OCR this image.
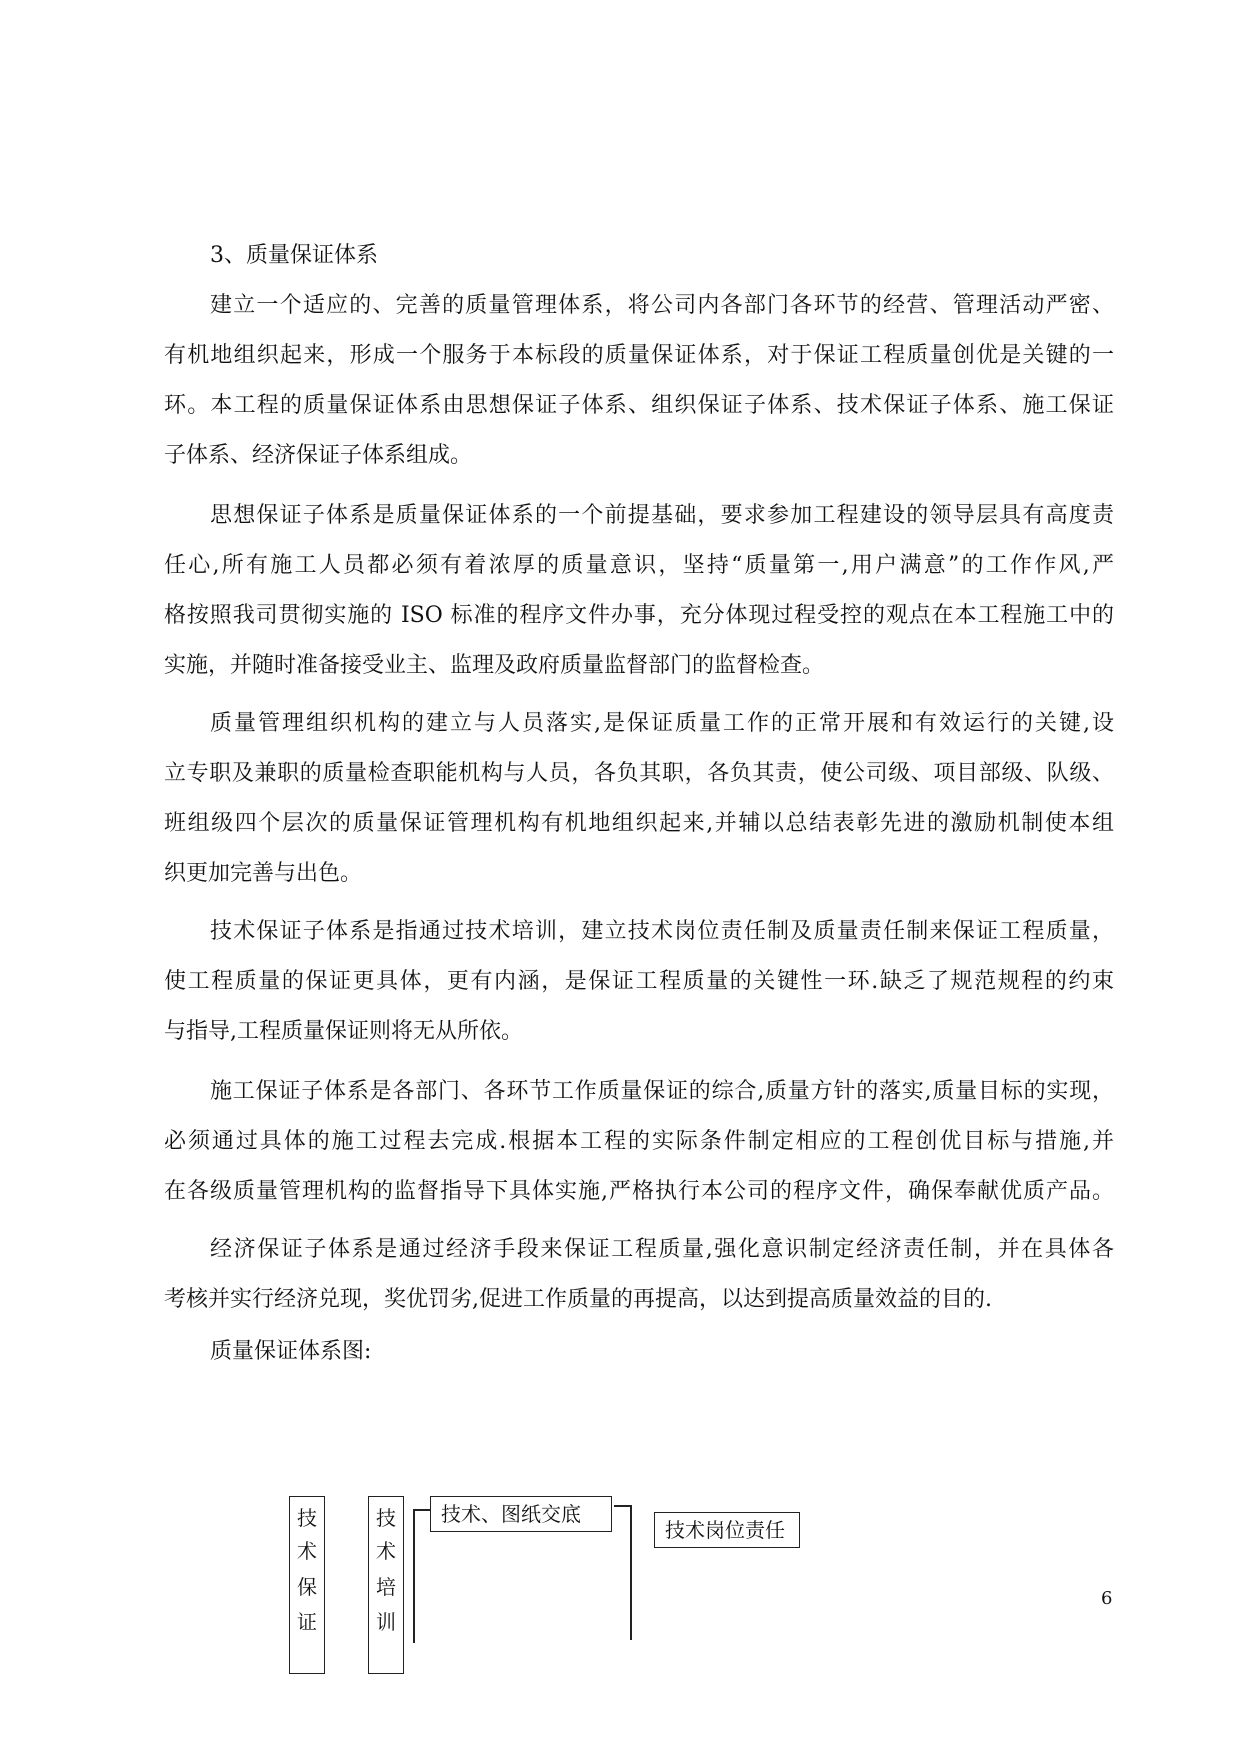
3、质量保证体系
建立一个适应的、完善的质量管理体系，将公司内各部门各环节的经营、管理活动严密、
有机地组织起来，形成一个服务于本标段的质量保证体系，对于保证工程质量创优是关键的一
环。本工程的质量保证体系由思想保证子体系、组织保证子体系、技术保证子体系、施工保证
子体系、经济保证子体系组成。
思想保证子体系是质量保证体系的一个前提基础，要求参加工程建设的领导层具有高度责
任心,所有施工人员都必须有着浓厚的质量意识，坚持“质量第一,用户满意”的工作作风,严
格按照我司贯彻实施的 ISO 标准的程序文件办事，充分体现过程受控的观点在本工程施工中的
实施，并随时准备接受业主、监理及政府质量监督部门的监督检查。
质量管理组织机构的建立与人员落实,是保证质量工作的正常开展和有效运行的关键,设
立专职及兼职的质量检查职能机构与人员，各负其职，各负其责，使公司级、项目部级、队级、
班组级四个层次的质量保证管理机构有机地组织起来,并辅以总结表彰先进的激励机制使本组
织更加完善与出色。
技术保证子体系是指通过技术培训，建立技术岗位责任制及质量责任制来保证工程质量，
使工程质量的保证更具体，更有内涵，是保证工程质量的关键性一环.缺乏了规范规程的约束
与指导,工程质量保证则将无从所依。
施工保证子体系是各部门、各环节工作质量保证的综合,质量方针的落实,质量目标的实现，
必须通过具体的施工过程去完成.根据本工程的实际条件制定相应的工程创优目标与措施,并
在各级质量管理机构的监督指导下具体实施,严格执行本公司的程序文件，确保奉献优质产品。
经济保证子体系是通过经济手段来保证工程质量,强化意识制定经济责任制，并在具体各
考核并实行经济兑现，奖优罚劣,促进工作质量的再提高，以达到提高质量效益的目的.
质量保证体系图:
技
术
保
证
技
术
培
训
技术、图纸交底
技术岗位责任
6
